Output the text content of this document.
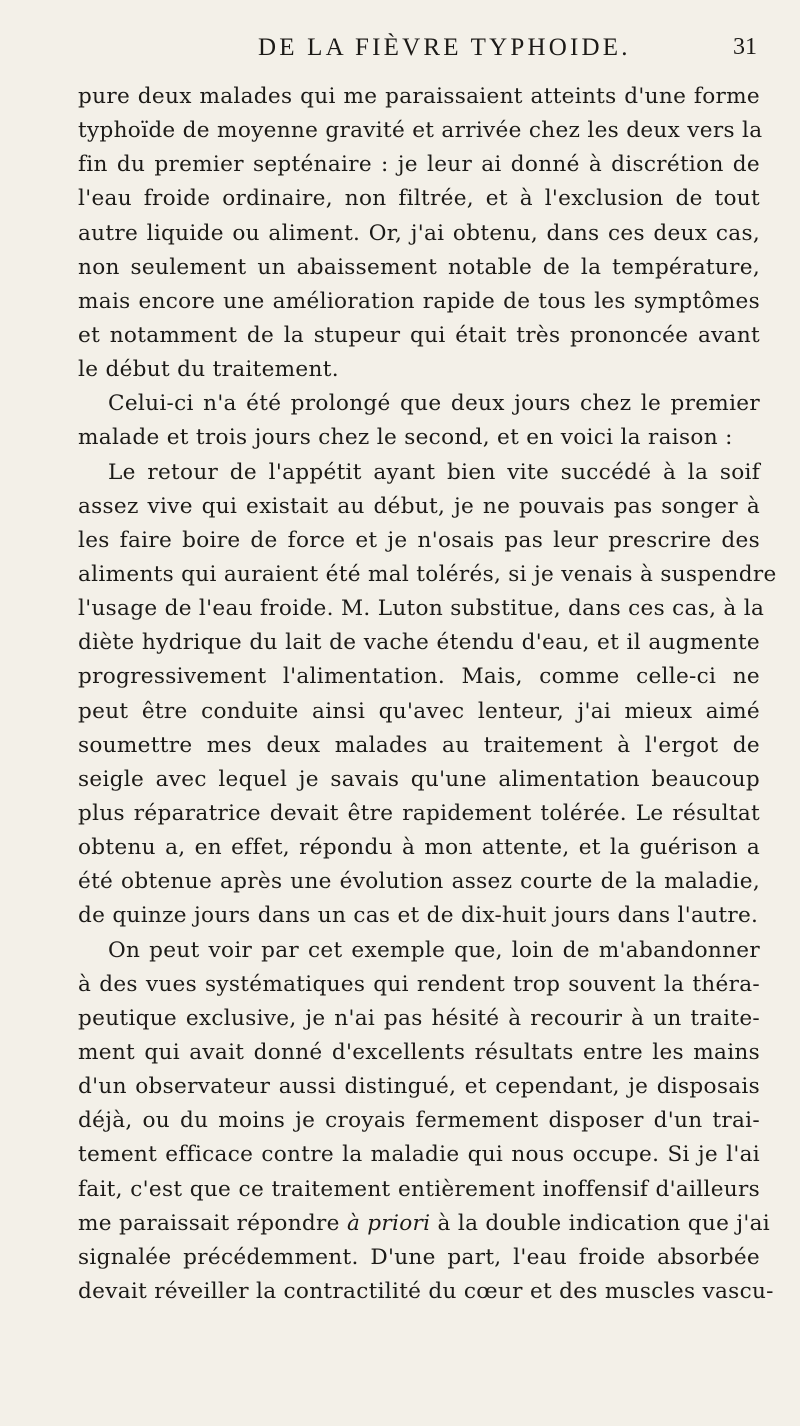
DE LA FIÈVRE TYPHOIDE.	31
pure deux malades qui me paraissaient atteints d'une forme
typhoïde de moyenne gravité et arrivée chez les deux vers la
fin du premier septénaire : je leur ai donné à discrétion de
l'eau froide ordinaire, non filtrée, et à l'exclusion de tout
autre liquide ou aliment. Or, j'ai obtenu, dans ces deux cas,
non seulement un abaissement notable de la température,
mais encore une amélioration rapide de tous les symptômes
et notamment de la stupeur qui était très prononcée avant
le début du traitement.
Celui-ci n'a été prolongé que deux jours chez le premier
malade et trois jours chez le second, et en voici la raison :
Le retour de l'appétit ayant bien vite succédé à la soif
assez vive qui existait au début, je ne pouvais pas songer à
les faire boire de force et je n'osais pas leur prescrire des
aliments qui auraient été mal tolérés, si je venais à suspendre
l'usage de l'eau froide. M. Luton substitue, dans ces cas, à la
diète hydrique du lait de vache étendu d'eau, et il augmente
progressivement l'alimentation. Mais, comme celle-ci ne
peut être conduite ainsi qu'avec lenteur, j'ai mieux aimé
soumettre mes deux malades au traitement à l'ergot de
seigle avec lequel je savais qu'une alimentation beaucoup
plus réparatrice devait être rapidement tolérée. Le résultat
obtenu a, en effet, répondu à mon attente, et la guérison a
été obtenue après une évolution assez courte de la maladie,
de quinze jours dans un cas et de dix-huit jours dans l'autre.
On peut voir par cet exemple que, loin de m'abandonner
à des vues systématiques qui rendent trop souvent la théra-
peutique exclusive, je n'ai pas hésité à recourir à un traite-
ment qui avait donné d'excellents résultats entre les mains
d'un observateur aussi distingué, et cependant, je disposais
déjà, ou du moins je croyais fermement disposer d'un trai-
tement efficace contre la maladie qui nous occupe. Si je l'ai
fait, c'est que ce traitement entièrement inoffensif d'ailleurs
me paraissait répondre à priori à la double indication que j'ai
signalée précédemment. D'une part, l'eau froide absorbée
devait réveiller la contractilité du cœur et des muscles vascu-
